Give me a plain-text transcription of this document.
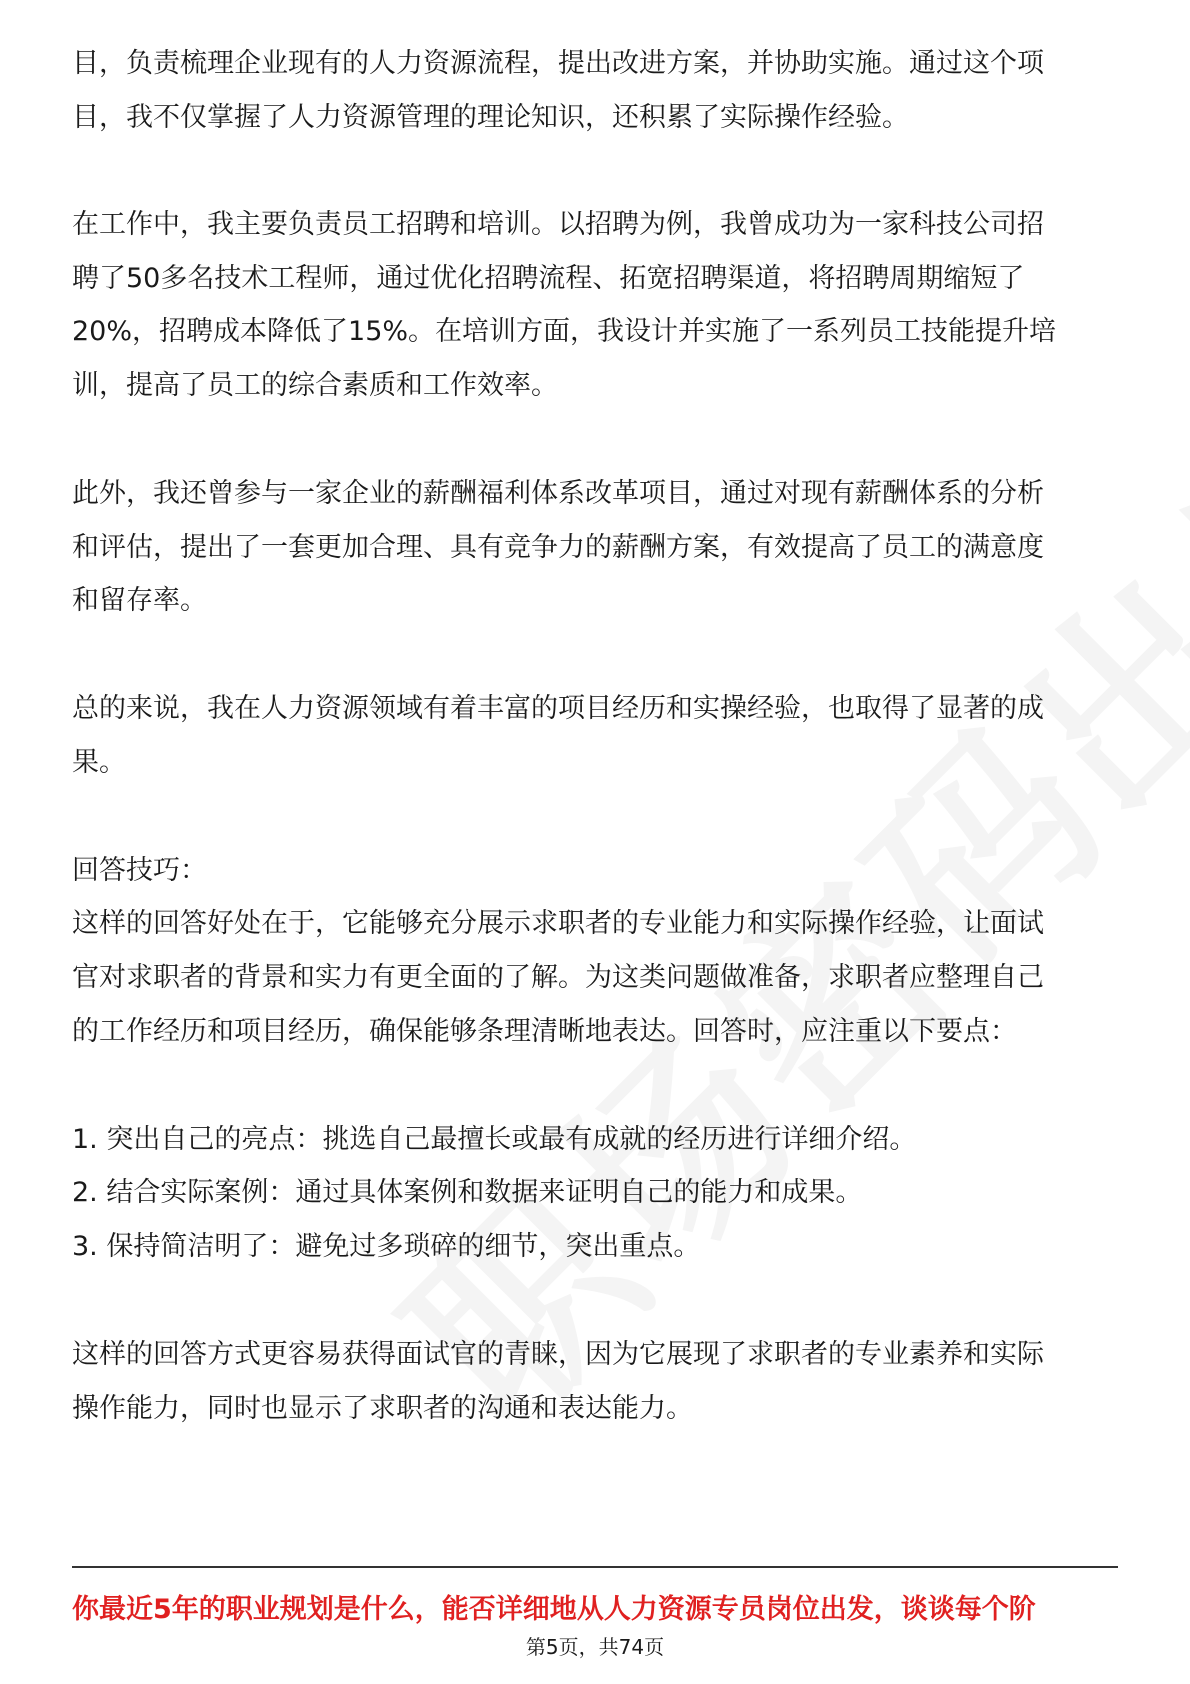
目，负责梳理企业现有的人力资源流程，提出改进方案，并协助实施。通过这个项
目，我不仅掌握了人力资源管理的理论知识，还积累了实际操作经验。
在工作中，我主要负责员工招聘和培训。以招聘为例，我曾成功为一家科技公司招
聘了50多名技术工程师，通过优化招聘流程、拓宽招聘渠道，将招聘周期缩短了
20%，招聘成本降低了15%。在培训方面，我设计并实施了一系列员工技能提升培
训，提高了员工的综合素质和工作效率。
此外，我还曾参与一家企业的薪酬福利体系改革项目，通过对现有薪酬体系的分析
和评估，提出了一套更加合理、具有竞争力的薪酬方案，有效提高了员工的满意度
和留存率。
总的来说，我在人力资源领域有着丰富的项目经历和实操经验，也取得了显著的成
果。
回答技巧：
这样的回答好处在于，它能够充分展示求职者的专业能力和实际操作经验，让面试
官对求职者的背景和实力有更全面的了解。为这类问题做准备，求职者应整理自己
的工作经历和项目经历，确保能够条理清晰地表达。回答时，应注重以下要点：
1. 突出自己的亮点：挑选自己最擅长或最有成就的经历进行详细介绍。
2. 结合实际案例：通过具体案例和数据来证明自己的能力和成果。
3. 保持简洁明了：避免过多琐碎的细节，突出重点。
这样的回答方式更容易获得面试官的青睐，因为它展现了求职者的专业素养和实际
操作能力，同时也显示了求职者的沟通和表达能力。
你最近5年的职业规划是什么，能否详细地从人力资源专员岗位出发，谈谈每个阶
第5页，共74页
